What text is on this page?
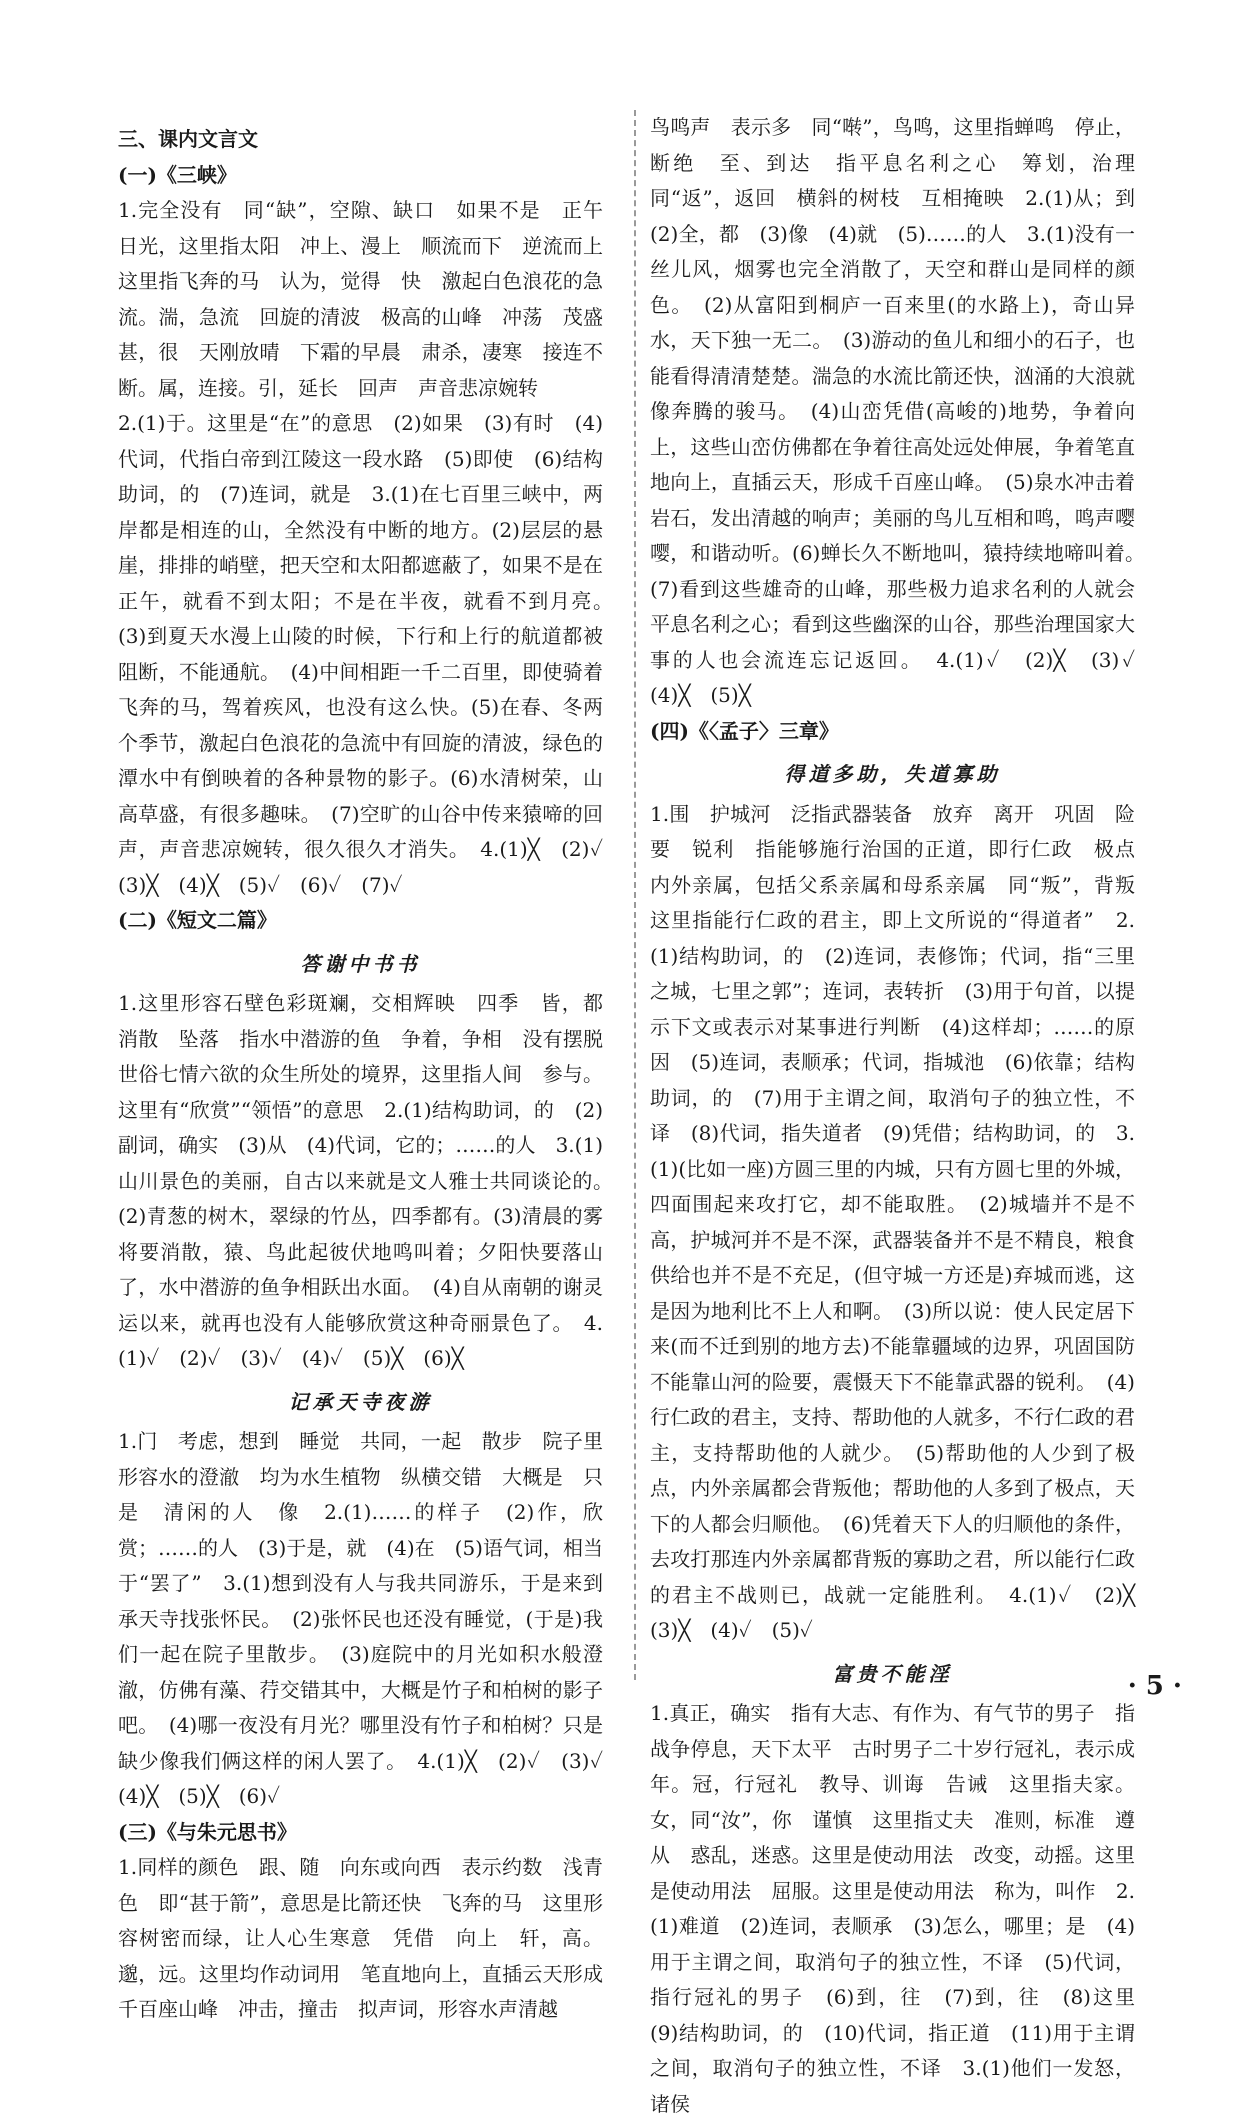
三、课内文言文
(一)《三峡》
1.完全没有　同“缺”，空隙、缺口　如果不是　正午　日光，这里指太阳　冲上、漫上　顺流而下　逆流而上　这里指飞奔的马　认为，觉得　快　激起白色浪花的急流。湍，急流　回旋的清波　极高的山峰　冲荡　茂盛　甚，很　天刚放晴　下霜的早晨　肃杀，凄寒　接连不断。属，连接。引，延长　回声　声音悲凉婉转
2.(1)于。这里是“在”的意思　(2)如果　(3)有时　(4)代词，代指白帝到江陵这一段水路　(5)即使　(6)结构助词，的　(7)连词，就是　3.(1)在七百里三峡中，两岸都是相连的山，全然没有中断的地方。(2)层层的悬崖，排排的峭壁，把天空和太阳都遮蔽了，如果不是在正午，就看不到太阳；不是在半夜，就看不到月亮。　(3)到夏天水漫上山陵的时候，下行和上行的航道都被阻断，不能通航。　(4)中间相距一千二百里，即使骑着飞奔的马，驾着疾风，也没有这么快。(5)在春、冬两个季节，激起白色浪花的急流中有回旋的清波，绿色的潭水中有倒映着的各种景物的影子。(6)水清树荣，山高草盛，有很多趣味。　(7)空旷的山谷中传来猿啼的回声，声音悲凉婉转，很久很久才消失。　4.(1)╳　(2)✓　(3)╳　(4)╳　(5)✓　(6)✓　(7)✓
(二)《短文二篇》
答谢中书书
1.这里形容石壁色彩斑斓，交相辉映　四季　皆，都　消散　坠落　指水中潜游的鱼　争着，争相　没有摆脱世俗七情六欲的众生所处的境界，这里指人间　参与。这里有“欣赏”“领悟”的意思　2.(1)结构助词，的　(2)副词，确实　(3)从　(4)代词，它的；……的人　3.(1)山川景色的美丽，自古以来就是文人雅士共同谈论的。　(2)青葱的树木，翠绿的竹丛，四季都有。(3)清晨的雾将要消散，猿、鸟此起彼伏地鸣叫着；夕阳快要落山了，水中潜游的鱼争相跃出水面。　(4)自从南朝的谢灵运以来，就再也没有人能够欣赏这种奇丽景色了。　4.(1)✓　(2)✓　(3)✓　(4)✓　(5)╳　(6)╳
记承天寺夜游
1.门　考虑，想到　睡觉　共同，一起　散步　院子里　形容水的澄澈　均为水生植物　纵横交错　大概是　只是　清闲的人　像　2.(1)……的样子　(2)作，欣赏；……的人　(3)于是，就　(4)在　(5)语气词，相当于“罢了”　3.(1)想到没有人与我共同游乐，于是来到承天寺找张怀民。　(2)张怀民也还没有睡觉，(于是)我们一起在院子里散步。　(3)庭院中的月光如积水般澄澈，仿佛有藻、荇交错其中，大概是竹子和柏树的影子吧。　(4)哪一夜没有月光？哪里没有竹子和柏树？只是缺少像我们俩这样的闲人罢了。　4.(1)╳　(2)✓　(3)✓　(4)╳　(5)╳　(6)✓
(三)《与朱元思书》
1.同样的颜色　跟、随　向东或向西　表示约数　浅青色　即“甚于箭”，意思是比箭还快　飞奔的马　这里形容树密而绿，让人心生寒意　凭借　向上　轩，高。邈，远。这里均作动词用　笔直地向上，直插云天形成千百座山峰　冲击，撞击　拟声词，形容水声清越
鸟鸣声　表示多　同“啭”，鸟鸣，这里指蝉鸣　停止，断绝　至、到达　指平息名利之心　筹划，治理　同“返”，返回　横斜的树枝　互相掩映　2.(1)从；到　(2)全，都　(3)像　(4)就　(5)……的人　3.(1)没有一丝儿风，烟雾也完全消散了，天空和群山是同样的颜色。　(2)从富阳到桐庐一百来里(的水路上)，奇山异水，天下独一无二。　(3)游动的鱼儿和细小的石子，也能看得清清楚楚。湍急的水流比箭还快，汹涌的大浪就像奔腾的骏马。　(4)山峦凭借(高峻的)地势，争着向上，这些山峦仿佛都在争着往高处远处伸展，争着笔直地向上，直插云天，形成千百座山峰。　(5)泉水冲击着岩石，发出清越的响声；美丽的鸟儿互相和鸣，鸣声嘤嘤，和谐动听。(6)蝉长久不断地叫，猿持续地啼叫着。　(7)看到这些雄奇的山峰，那些极力追求名利的人就会平息名利之心；看到这些幽深的山谷，那些治理国家大事的人也会流连忘记返回。　4.(1)✓　(2)╳　(3)✓　(4)╳　(5)╳
(四)《〈孟子〉三章》
得道多助，失道寡助
1.围　护城河　泛指武器装备　放弃　离开　巩固　险要　锐利　指能够施行治国的正道，即行仁政　极点　内外亲属，包括父系亲属和母系亲属　同“叛”，背叛　这里指能行仁政的君主，即上文所说的“得道者”　2.(1)结构助词，的　(2)连词，表修饰；代词，指“三里之城，七里之郭”；连词，表转折　(3)用于句首，以提示下文或表示对某事进行判断　(4)这样却；……的原因　(5)连词，表顺承；代词，指城池　(6)依靠；结构助词，的　(7)用于主谓之间，取消句子的独立性，不译　(8)代词，指失道者　(9)凭借；结构助词，的　3.(1)(比如一座)方圆三里的内城，只有方圆七里的外城，四面围起来攻打它，却不能取胜。　(2)城墙并不是不高，护城河并不是不深，武器装备并不是不精良，粮食供给也并不是不充足，(但守城一方还是)弃城而逃，这是因为地利比不上人和啊。　(3)所以说：使人民定居下来(而不迁到别的地方去)不能靠疆域的边界，巩固国防不能靠山河的险要，震慑天下不能靠武器的锐利。　(4)行仁政的君主，支持、帮助他的人就多，不行仁政的君主，支持帮助他的人就少。　(5)帮助他的人少到了极点，内外亲属都会背叛他；帮助他的人多到了极点，天下的人都会归顺他。　(6)凭着天下人的归顺他的条件，去攻打那连内外亲属都背叛的寡助之君，所以能行仁政的君主不战则已，战就一定能胜利。　4.(1)✓　(2)╳　(3)╳　(4)✓　(5)✓
富贵不能淫
1.真正，确实　指有大志、有作为、有气节的男子　指战争停息，天下太平　古时男子二十岁行冠礼，表示成年。冠，行冠礼　教导、训诲　告诫　这里指夫家。女，同“汝”，你　谨慎　这里指丈夫　准则，标准　遵从　惑乱，迷惑。这里是使动用法　改变，动摇。这里是使动用法　屈服。这里是使动用法　称为，叫作　2.(1)难道　(2)连词，表顺承　(3)怎么，哪里；是　(4)用于主谓之间，取消句子的独立性，不译　(5)代词，指行冠礼的男子　(6)到，往　(7)到，往　(8)这里　(9)结构助词，的　(10)代词，指正道　(11)用于主谓之间，取消句子的独立性，不译　3.(1)他们一发怒，诸侯
· 5 ·
